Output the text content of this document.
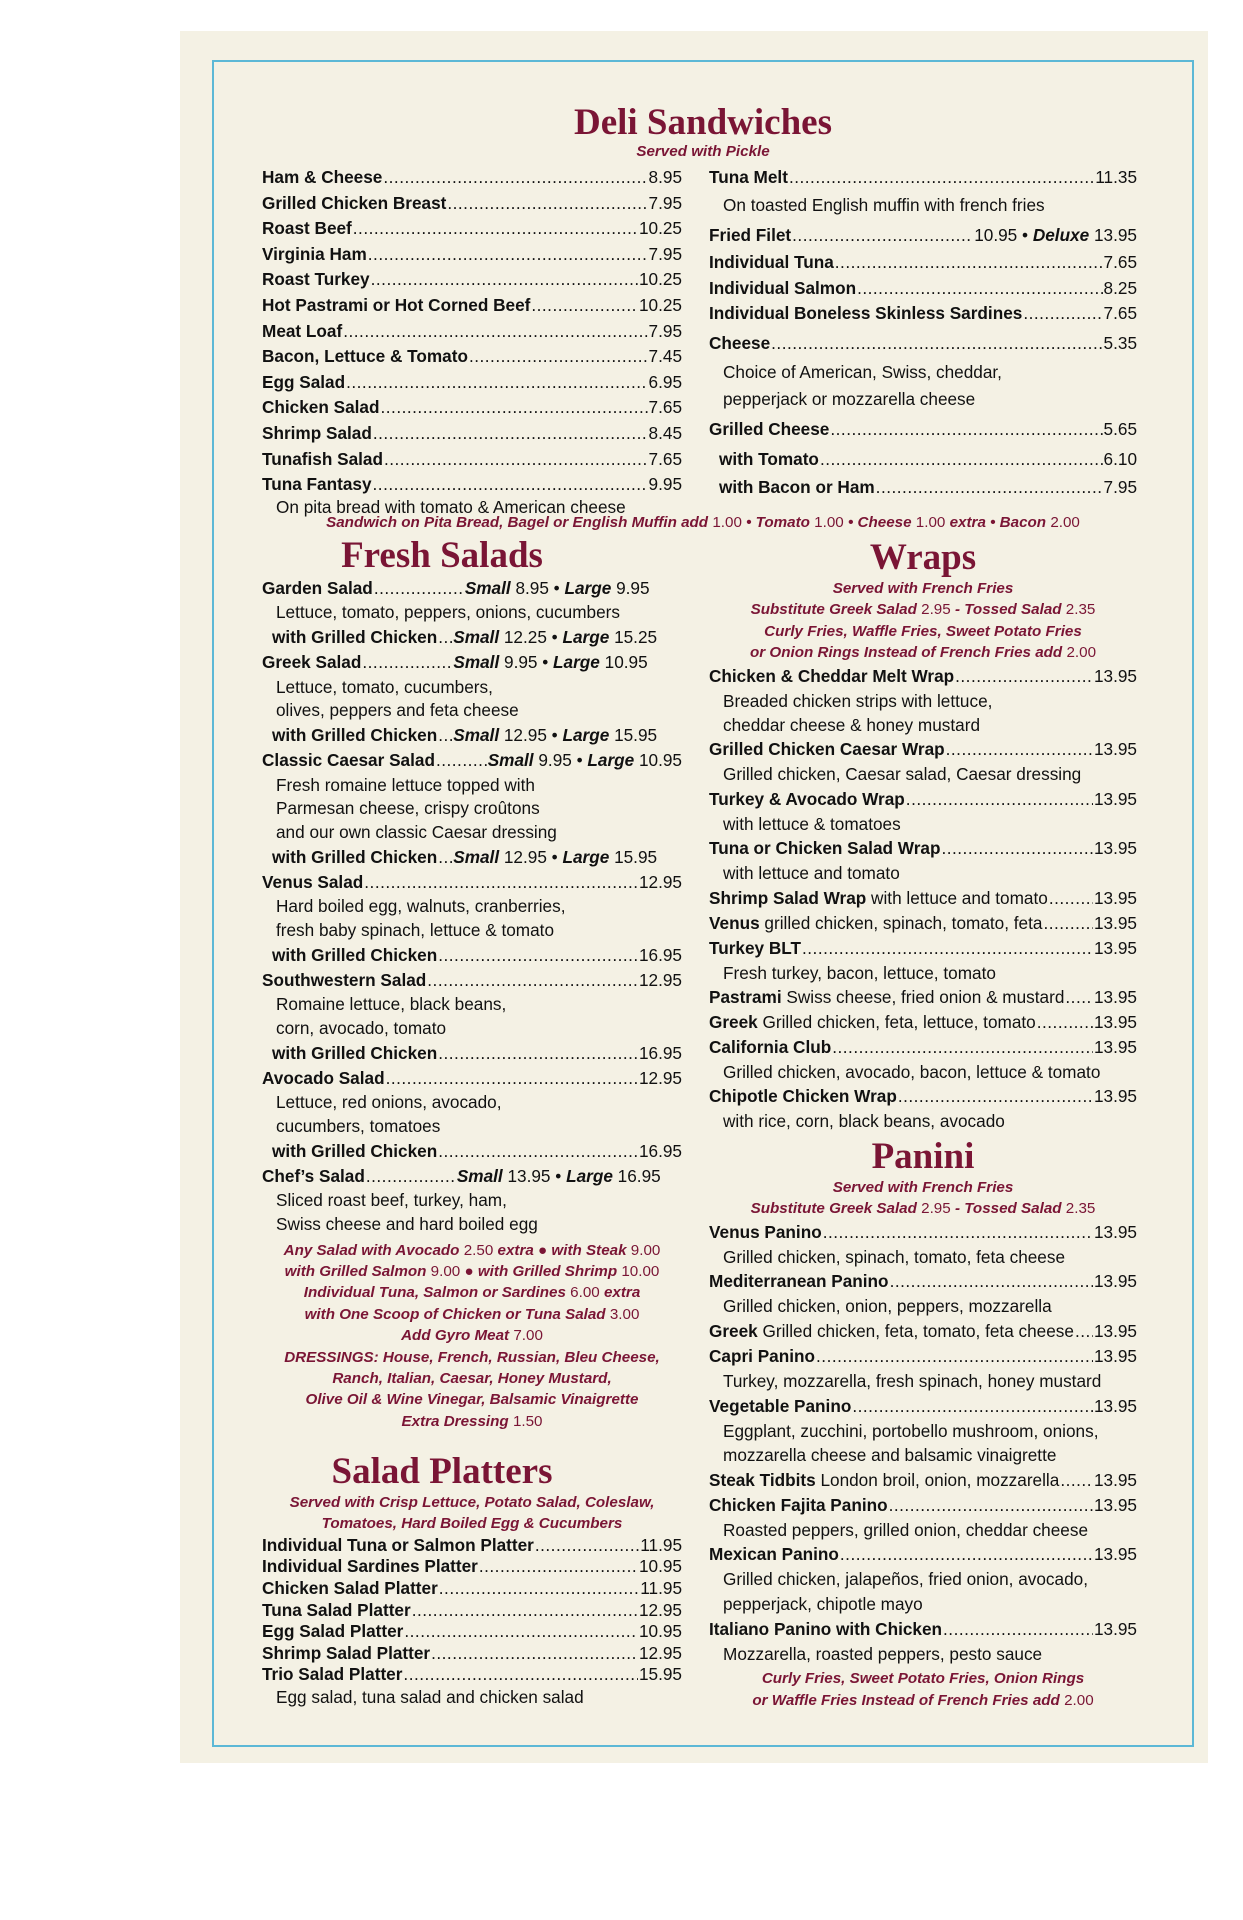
Deli Sandwiches
Served with Pickle
Ham & Cheese .....	8.95
Grilled Chicken Breast .....	7.95
Roast Beef .....	10.25
Virginia Ham .....	7.95
Roast Turkey .....	10.25
Hot Pastrami or Hot Corned Beef .....	10.25
Meat Loaf .....	7.95
Bacon, Lettuce & Tomato .....	7.45
Egg Salad .....	6.95
Chicken Salad .....	7.65
Shrimp Salad .....	8.45
Tunafish Salad .....	7.65
Tuna Fantasy .....	9.95
On pita bread with tomato & American cheese
Tuna Melt .....	11.35
On toasted English muffin with french fries
Fried Filet .....	10.95 • Deluxe 13.95
Individual Tuna .....	7.65
Individual Salmon .....	8.25
Individual Boneless Skinless Sardines .....	7.65
Cheese .....	5.35
Choice of American, Swiss, cheddar,
pepperjack or mozzarella cheese
Grilled Cheese .....	5.65
with Tomato .....	6.10
with Bacon or Ham .....	7.95
Sandwich on Pita Bread, Bagel or English Muffin add 1.00 • Tomato 1.00 • Cheese 1.00 extra • Bacon 2.00
Fresh Salads
Garden Salad .....	Small 8.95 • Large 9.95
Lettuce, tomato, peppers, onions, cucumbers
with Grilled Chicken ..... Small 12.25 • Large 15.25
Greek Salad .....	Small 9.95 • Large 10.95
Lettuce, tomato, cucumbers,
olives, peppers and feta cheese
with Grilled Chicken ..... Small 12.95 • Large 15.95
Classic Caesar Salad .....	Small 9.95 • Large 10.95
Fresh romaine lettuce topped with
Parmesan cheese, crispy croûtons
and our own classic Caesar dressing
with Grilled Chicken ..... Small 12.95 • Large 15.95
Venus Salad .....	12.95
Hard boiled egg, walnuts, cranberries,
fresh baby spinach, lettuce & tomato
with Grilled Chicken .....	16.95
Southwestern Salad .....	12.95
Romaine lettuce, black beans,
corn, avocado, tomato
with Grilled Chicken .....	16.95
Avocado Salad .....	12.95
Lettuce, red onions, avocado,
cucumbers, tomatoes
with Grilled Chicken .....	16.95
Chef’s Salad .....	Small 13.95 • Large 16.95
Sliced roast beef, turkey, ham,
Swiss cheese and hard boiled egg
Any Salad with Avocado 2.50 extra ● with Steak 9.00
with Grilled Salmon 9.00 ● with Grilled Shrimp 10.00
Individual Tuna, Salmon or Sardines 6.00 extra
with One Scoop of Chicken or Tuna Salad 3.00
Add Gyro Meat 7.00
DRESSINGS: House, French, Russian, Bleu Cheese,
Ranch, Italian, Caesar, Honey Mustard,
Olive Oil & Wine Vinegar, Balsamic Vinaigrette
Extra Dressing 1.50
Salad Platters
Served with Crisp Lettuce, Potato Salad, Coleslaw,
Tomatoes, Hard Boiled Egg & Cucumbers
Individual Tuna or Salmon Platter .....	11.95
Individual Sardines Platter .....	10.95
Chicken Salad Platter .....	11.95
Tuna Salad Platter .....	12.95
Egg Salad Platter .....	10.95
Shrimp Salad Platter .....	12.95
Trio Salad Platter .....	15.95
Egg salad, tuna salad and chicken salad
Wraps
Served with French Fries
Substitute Greek Salad 2.95 - Tossed Salad 2.35
Curly Fries, Waffle Fries, Sweet Potato Fries
or Onion Rings Instead of French Fries add 2.00
Chicken & Cheddar Melt Wrap .....	13.95
Breaded chicken strips with lettuce,
cheddar cheese & honey mustard
Grilled Chicken Caesar Wrap .....	13.95
Grilled chicken, Caesar salad, Caesar dressing
Turkey & Avocado Wrap .....	13.95
with lettuce & tomatoes
Tuna or Chicken Salad Wrap .....	13.95
with lettuce and tomato
Shrimp Salad Wrap with lettuce and tomato .....	13.95
Venus grilled chicken, spinach, tomato, feta .....	13.95
Turkey BLT .....	13.95
Fresh turkey, bacon, lettuce, tomato
Pastrami Swiss cheese, fried onion & mustard ..... 13.95
Greek Grilled chicken, feta, lettuce, tomato .....	13.95
California Club .....	13.95
Grilled chicken, avocado, bacon, lettuce & tomato
Chipotle Chicken Wrap .....	13.95
with rice, corn, black beans, avocado
Panini
Served with French Fries
Substitute Greek Salad 2.95 - Tossed Salad 2.35
Venus Panino .....	13.95
Grilled chicken, spinach, tomato, feta cheese
Mediterranean Panino .....	13.95
Grilled chicken, onion, peppers, mozzarella
Greek Grilled chicken, feta, tomato, feta cheese ..... 13.95
Capri Panino .....	13.95
Turkey, mozzarella, fresh spinach, honey mustard
Vegetable Panino .....	13.95
Eggplant, zucchini, portobello mushroom, onions,
mozzarella cheese and balsamic vinaigrette
Steak Tidbits London broil, onion, mozzarella ..... 13.95
Chicken Fajita Panino .....	13.95
Roasted peppers, grilled onion, cheddar cheese
Mexican Panino .....	13.95
Grilled chicken, jalapeños, fried onion, avocado,
pepperjack, chipotle mayo
Italiano Panino with Chicken .....	13.95
Mozzarella, roasted peppers, pesto sauce
Curly Fries, Sweet Potato Fries, Onion Rings
or Waffle Fries Instead of French Fries add 2.00
